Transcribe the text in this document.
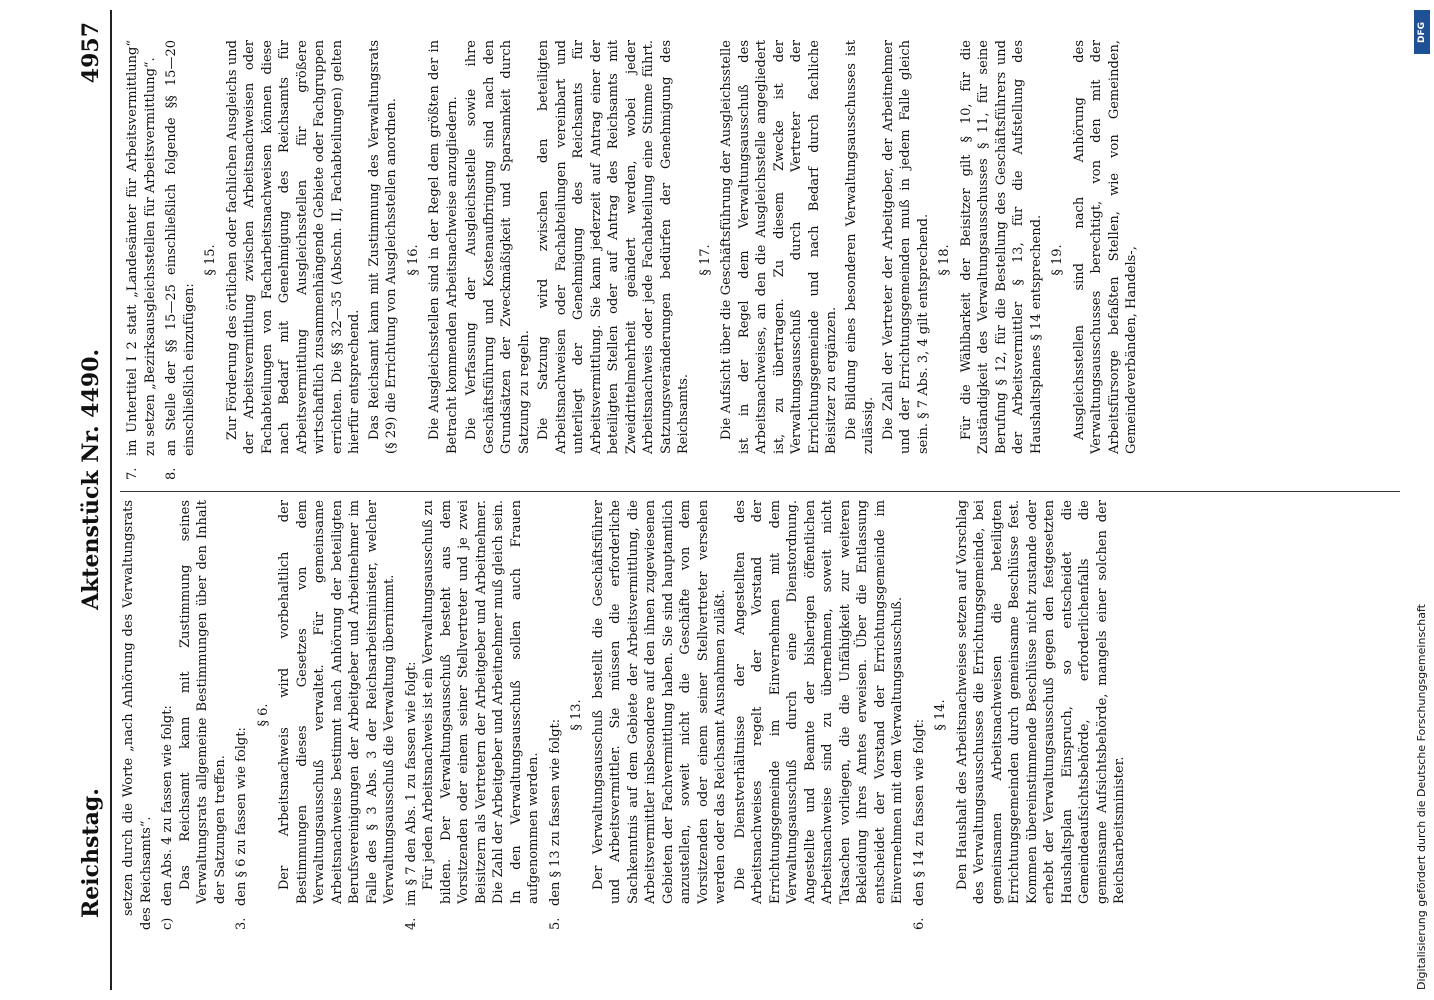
Reichstag.
Aktenstück Nr. 4490.
4957

setzen durch die Worte „nach Anhörung des Verwaltungsrats des Reichsamts“. c)
den Abs. 4 zu fassen wie folgt: Das Reichsamt kann mit Zustimmung seines Verwaltungsrats allgemeine Bestimmungen über den Inhalt der Satzungen treffen.

3.
den § 6 zu fassen wie folgt:
§ 6. Der Arbeitsnachweis wird vorbehaltlich der Bestimmungen dieses Gesetzes von dem Verwaltungsausschuß verwaltet. Für gemeinsame Arbeitsnachweise bestimmt nach Anhörung der beteiligten Berufsvereinigungen der Arbeitgeber und Arbeitnehmer im Falle des § 3 Abs. 3 der Reichsarbeitsminister, welcher Verwaltungsausschuß die Verwaltung übernimmt.

4.
im § 7 den Abs. 1 zu fassen wie folgt: Für jeden Arbeitsnachweis ist ein Verwaltungsausschuß zu bilden. Der Verwaltungsausschuß besteht aus dem Vorsitzenden oder einem seiner Stellvertreter und je zwei Beisitzern als Vertretern der Arbeitgeber und Arbeitnehmer. Die Zahl der Arbeitgeber und Arbeitnehmer muß gleich sein. In den Verwaltungsausschuß sollen auch Frauen aufgenommen werden.

5.
den § 13 zu fassen wie folgt:
§ 13. Der Verwaltungsausschuß bestellt die Geschäftsführer und Arbeitsvermittler. Sie müssen die erforderliche Sachkenntnis auf dem Gebiete der Arbeitsvermittlung, die Arbeitsvermittler insbesondere auf den ihnen zugewiesenen Gebieten der Fachvermittlung haben. Sie sind hauptamtlich anzustellen, soweit nicht die Geschäfte von dem Vorsitzenden oder einem seiner Stellvertreter versehen werden oder das Reichsamt Ausnahmen zuläßt. Die Dienstverhältnisse der Angestellten des Arbeitsnachweises regelt der Vorstand der Errichtungsgemeinde im Einvernehmen mit dem Verwaltungsausschuß durch eine Dienstordnung. Angestellte und Beamte der bisherigen öffentlichen Arbeitsnachweise sind zu übernehmen, soweit nicht Tatsachen vorliegen, die die Unfähigkeit zur weiteren Bekleidung ihres Amtes erweisen. Über die Entlassung entscheidet der Vorstand der Errichtungsgemeinde im Einvernehmen mit dem Verwaltungsausschuß.

6.
den § 14 zu fassen wie folgt:
§ 14. Den Haushalt des Arbeitsnachweises setzen auf Vorschlag des Verwaltungsausschusses die Errichtungsgemeinde, bei gemeinsamen Arbeitsnachweisen die beteiligten Errichtungsgemeinden durch gemeinsame Beschlüsse fest. Kommen übereinstimmende Beschlüsse nicht zustande oder erhebt der Verwaltungsausschuß gegen den festgesetzten Haushaltsplan Einspruch, so entscheidet die Gemeindeaufsichtsbehörde, erforderlichenfalls die gemeinsame Aufsichtsbehörde, mangels einer solchen der Reichsarbeitsminister.

7.
im Untertitel I 2 statt „Landesämter für Arbeitsvermittlung“ zu setzen „Bezirksausgleichsstellen für Arbeitsvermittlung“.
8.
an Stelle der §§ 15—25 einschließlich folgende §§ 15—20 einschließlich einzufügen:
§ 15. Zur Förderung des örtlichen oder fachlichen Ausgleichs und der Arbeitsvermittlung zwischen Arbeitsnachweisen oder Fachabteilungen von Facharbeitsnachweisen können diese nach Bedarf mit Genehmigung des Reichsamts für Arbeitsvermittlung Ausgleichsstellen für größere wirtschaftlich zusammenhängende Gebiete oder Fachgruppen errichten. Die §§ 32—35 (Abschn. II, Fachabteilungen) gelten hierfür entsprechend. Das Reichsamt kann mit Zustimmung des Verwaltungsrats (§ 29) die Errichtung von Ausgleichsstellen anordnen. § 16. Die Ausgleichsstellen sind in der Regel dem größten der in Betracht kommenden Arbeitsnachweise anzugliedern. Die Verfassung der Ausgleichsstelle sowie ihre Geschäftsführung und Kostenaufbringung sind nach den Grundsätzen der Zweckmäßigkeit und Sparsamkeit durch Satzung zu regeln. Die Satzung wird zwischen den beteiligten Arbeitsnachweisen oder Fachabteilungen vereinbart und unterliegt der Genehmigung des Reichsamts für Arbeitsvermittlung. Sie kann jederzeit auf Antrag einer der beteiligten Stellen oder auf Antrag des Reichsamts mit Zweidrittelmehrheit geändert werden, wobei jeder Arbeitsnachweis oder jede Fachabteilung eine Stimme führt. Satzungsveränderungen bedürfen der Genehmigung des Reichsamts.

§ 17. Die Aufsicht über die Geschäftsführung der Ausgleichsstelle ist in der Regel dem Verwaltungsausschuß des Arbeitsnachweises, an den die Ausgleichsstelle angegliedert ist, zu übertragen. Zu diesem Zwecke ist der Verwaltungsausschuß durch Vertreter der Errichtungsgemeinde und nach Bedarf durch fachliche Beisitzer zu ergänzen. Die Bildung eines besonderen Verwaltungsausschusses ist zulässig. Die Zahl der Vertreter der Arbeitgeber, der Arbeitnehmer und der Errichtungsgemeinden muß in jedem Falle gleich sein. § 7 Abs. 3, 4 gilt entsprechend. § 18. Für die Wählbarkeit der Beisitzer gilt § 10, für die Zuständigkeit des Verwaltungsausschusses § 11, für seine Berufung § 12, für die Bestellung des Geschäftsführers und der Arbeitsvermittler § 13, für die Aufstellung des Haushaltsplanes § 14 entsprechend. § 19. Ausgleichsstellen sind nach Anhörung des Verwaltungsausschusses berechtigt, von den mit der Arbeitsfürsorge befaßten Stellen, wie von Gemeinden, Gemeindeverbänden, Handels-,

DFG
Digitalisierung gefördert durch die Deutsche Forschungsgemeinschaft
